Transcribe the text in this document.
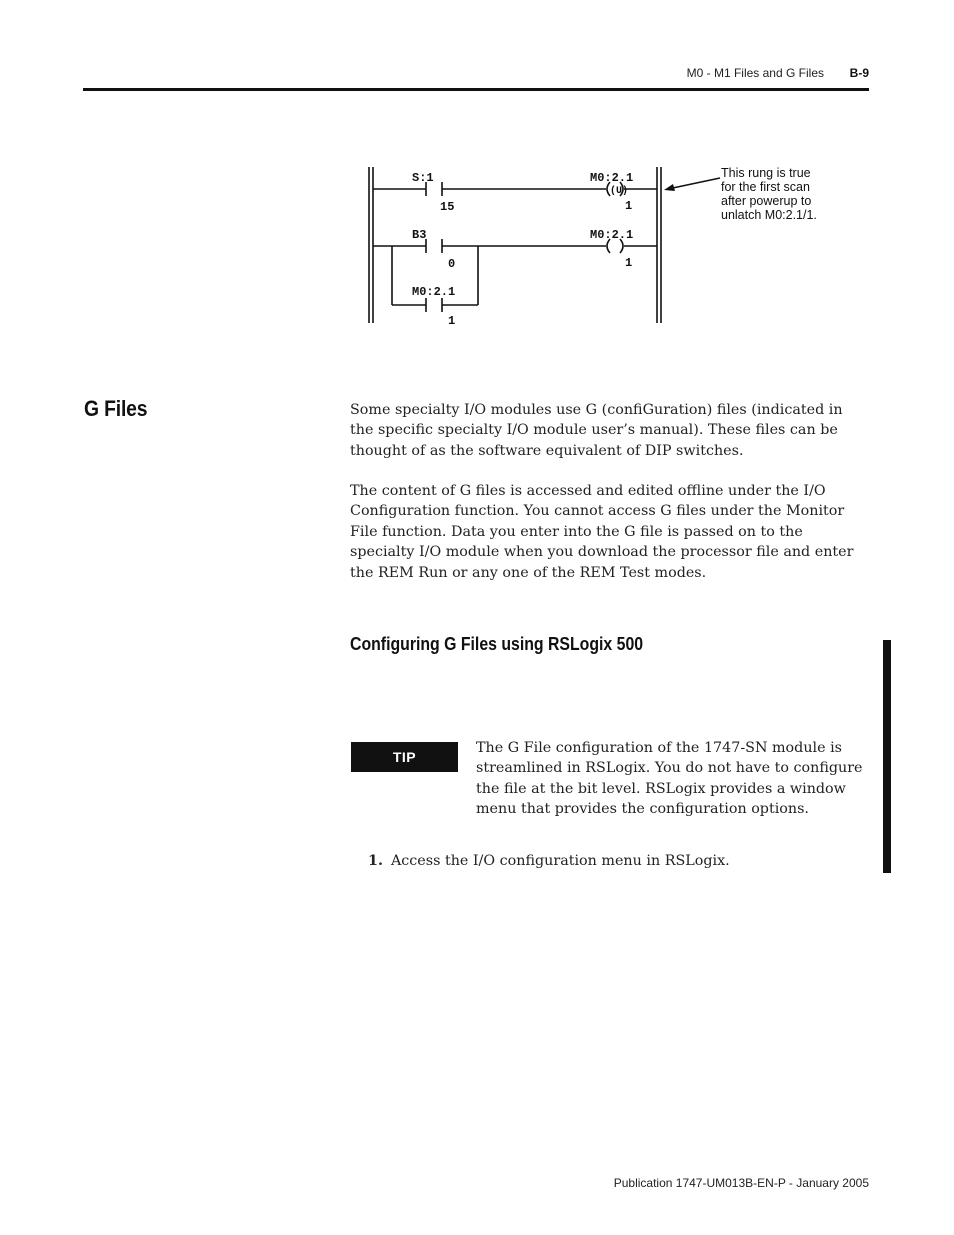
M0 - M1 Files and G Files B-9
S:1
15
M0:2.1
(U)
1
B3
0
M0:2.1
1
M0:2.1
1
This rung is true
for the first scan
after powerup to
unlatch M0:2.1/1.
G Files	Some specialty I/O modules use G (confiGuration) files (indicated in the specific specialty I/O module user’s manual). These files can be thought of as the software equivalent of DIP switches.

The content of G files is accessed and edited offline under the I/O Configuration function. You cannot access G files under the Monitor File function. Data you enter into the G file is passed on to the specialty I/O module when you download the processor file and enter the REM Run or any one of the REM Test modes.

Configuring G Files using RSLogix 500
TIP

The G File configuration of the 1747-SN module is streamlined in RSLogix. You do not have to configure the file at the bit level. RSLogix provides a window menu that provides the configuration options.

1. Access the I/O configuration menu in RSLogix.
Publication 1747-UM013B-EN-P - January 2005
